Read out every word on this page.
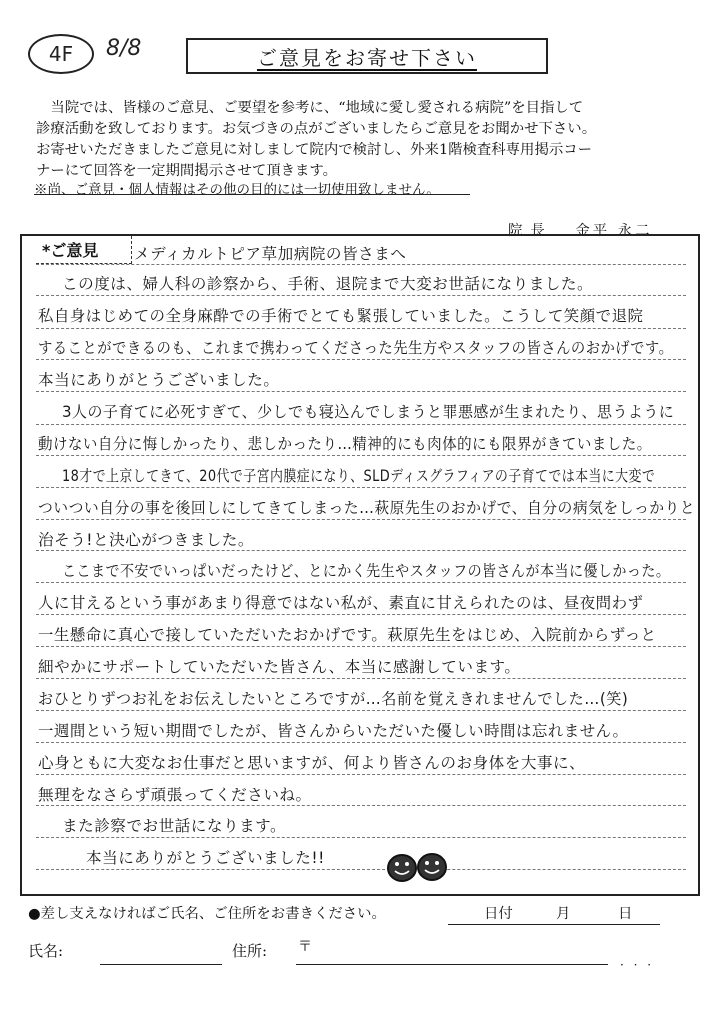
4F 8/8	ご意見をお寄せ下さい

当院では、皆様のご意見、ご要望を参考に、“地域に愛し愛される病院”を目指して

診療活動を致しております。お気づきの点がございましたらご意見をお聞かせ下さい。

お寄せいただきましたご意見に対しまして院内で検討し、外来1階検査科専用掲示コー

ナーにて回答を一定期間掲示させて頂きます。

※尚、ご意見・個人情報はその他の目的には一切使用致しません。
院長 金平 永二
*ご意見	メディカルトピア草加病院の皆さまへ
この度は、婦人科の診察から、手術、退院まで大変お世話になりました。
私自身はじめての全身麻酔での手術でとても緊張していました。こうして笑顔で退院
することができるのも、これまで携わってくださった先生方やスタッフの皆さんのおかげです。
本当にありがとうございました。
3人の子育てに必死すぎて、少しでも寝込んでしまうと罪悪感が生まれたり、思うように
動けない自分に悔しかったり、悲しかったり…精神的にも肉体的にも限界がきていました。
18才で上京してきて、20代で子宮内膜症になり、SLDディスグラフィアの子育てでは本当に大変で
ついつい自分の事を後回しにしてきてしまった…萩原先生のおかげで、自分の病気をしっかりと
治そう!と決心がつきました。
ここまで不安でいっぱいだったけど、とにかく先生やスタッフの皆さんが本当に優しかった。
人に甘えるという事があまり得意ではない私が、素直に甘えられたのは、昼夜問わず
一生懸命に真心で接していただいたおかげです。萩原先生をはじめ、入院前からずっと
細やかにサポートしていただいた皆さん、本当に感謝しています。
おひとりずつお礼をお伝えしたいところですが…名前を覚えきれませんでした…(笑)
一週間という短い期間でしたが、皆さんからいただいた優しい時間は忘れません。
心身ともに大変なお仕事だと思いますが、何より皆さんのお身体を大事に、
無理をなさらず頑張ってくださいね。
また診察でお世話になります。
本当にありがとうございました!!
●差し支えなければご氏名、ご住所をお書きください。	日付	月	日
氏名:	住所: 〒
· · ·
